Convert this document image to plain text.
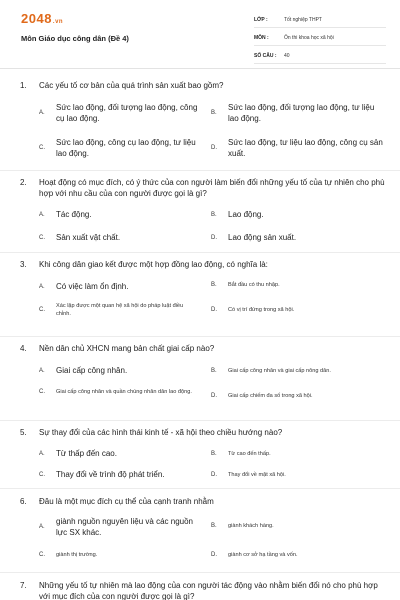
2048.vn
Môn Giáo dục công dân (Đề 4)
LỚP :	Tốt nghiệp THPT
MÔN :	Ôn thi khoa học xã hội
SỐ CÂU : 40
1.	Các yếu tố cơ bản của quá trình sản xuất bao gồm?
A.
Sức lao động, đối tượng lao động, công cụ lao động.
B.
Sức lao động, đối tượng lao động, tư liệu lao động.
C.
Sức lao động, công cụ lao động, tư liệu lao động.
D.
Sức lao động, tư liệu lao động, công cụ sản xuất.
2.	Hoạt động có mục đích, có ý thức của con người làm biến đổi những yếu tố của tự nhiên cho phù hợp với nhu cầu của con người được gọi là gì?
A.	Tác động.	B.	Lao động.
C.	Sản xuất vật chất.	D.	Lao động sản xuất.
3.	Khi công dân giao kết được một hợp đồng lao động, có nghĩa là:
A.	Có việc làm ổn định.	B.	Bắt đầu có thu nhập.
C.
Xác lập được một quan hệ xã hội do pháp luật điều chỉnh.
D.	Có vị trí đứng trong xã hội.
4.	Nền dân chủ XHCN mang bản chất giai cấp nào?
A.	Giai cấp công nhân.	B.	Giai cấp công nhân và giai cấp nông dân.
C.	Giai cấp công nhân và quần chúng nhân dân lao động.
D.	Giai cấp chiếm đa số trong xã hội.
5.	Sự thay đổi của các hình thái kinh tế - xã hội theo chiều hướng nào?
A.	Từ thấp đến cao.	B.	Từ cao đến thấp.
C.	Thay đổi về trình độ phát triển.	D.	Thay đổi về mặt xã hội.
6.	Đâu là một mục đích cụ thể của cạnh tranh nhằm
A.
giành nguồn nguyên liệu và các nguồn lực SX khác.
B.	giành khách hàng.
C.	giành thị trường.	D.	giành cơ sở hạ tầng và vốn.
7.	Những yếu tố tự nhiên mà lao động của con người tác động vào nhằm biến đổi nó cho phù hợp với mục đích của con người được gọi là gì?
